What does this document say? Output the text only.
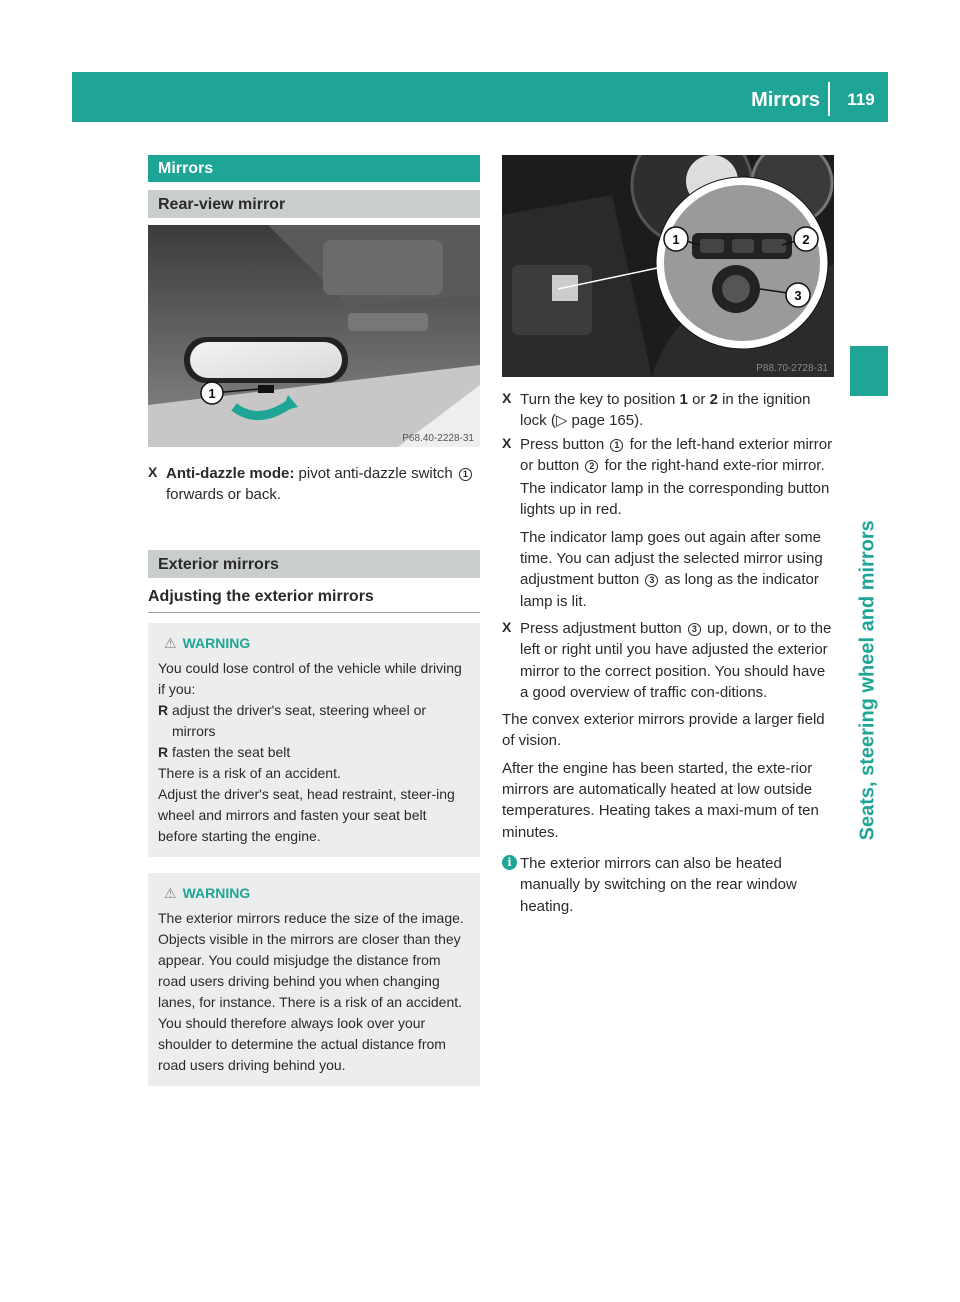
Mirrors	119
Seats, steering wheel and mirrors
Mirrors
Rear-view mirror
1
P68.40-2228-31
X Anti-dazzle mode: pivot anti-dazzle switch 1 forwards or back.
Exterior mirrors
Adjusting the exterior mirrors
⚠ WARNING

You could lose control of the vehicle while driving if you:

R adjust the driver's seat, steering wheel or mirrors
R fasten the seat belt

There is a risk of an accident.

Adjust the driver's seat, head restraint, steer-ing wheel and mirrors and fasten your seat belt before starting the engine.

⚠ WARNING

The exterior mirrors reduce the size of the image. Objects visible in the mirrors are closer than they appear. You could misjudge the distance from road users driving behind you when changing lanes, for instance. There is a risk of an accident.

You should therefore always look over your shoulder to determine the actual distance from road users driving behind you.

1	2
3
P88.70-2728-31
X Turn the key to position 1 or 2 in the ignition lock (▷ page 165).
X Press button 1 for the left-hand exterior mirror or button 2 for the right-hand exte-rior mirror.
The indicator lamp in the corresponding button lights up in red.
The indicator lamp goes out again after some time. You can adjust the selected mirror using adjustment button 3 as long as the indicator lamp is lit.
X Press adjustment button 3 up, down, or to the left or right until you have adjusted the exterior mirror to the correct position. You should have a good overview of traffic con-ditions.

The convex exterior mirrors provide a larger field of vision.

After the engine has been started, the exte-rior mirrors are automatically heated at low outside temperatures. Heating takes a maxi-mum of ten minutes.

i The exterior mirrors can also be heated manually by switching on the rear window heating.
